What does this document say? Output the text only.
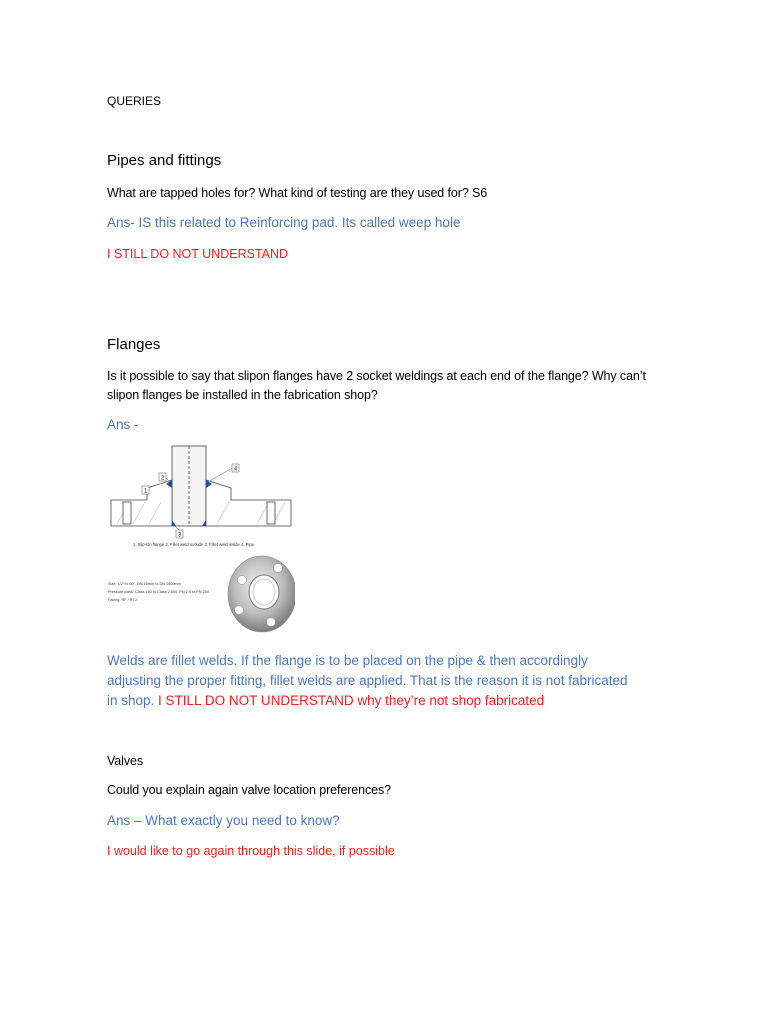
QUERIES
Pipes and fittings
What are tapped holes for? What kind of testing are they used for? S6
Ans- IS this related to Reinforcing pad. Its called weep hole
I STILL DO NOT UNDERSTAND
Flanges
Is it possible to say that slipon flanges have 2 socket weldings at each end of the flange? Why can’t
slipon flanges be installed in the fabrication shop?
Ans -
1
2
3
4
1. Slip-On flange 2. Fillet weld outside 3. Fillet weld inside 4. Pipe
Size: 1/2" to 60", DN 15mm to DN 1500mm
Pressure class: Class 150 to Class 2,500, PN 2.5 to PN 250
Facing: RF / RTJ
Welds are fillet welds. If the flange is to be placed on the pipe & then accordingly
adjusting the proper fitting, fillet welds are applied. That is the reason it is not fabricated
in shop. I STILL DO NOT UNDERSTAND why they’re not shop fabricated
Valves
Could you explain again valve location preferences?
Ans – What exactly you need to know?
I would like to go again through this slide, if possible
